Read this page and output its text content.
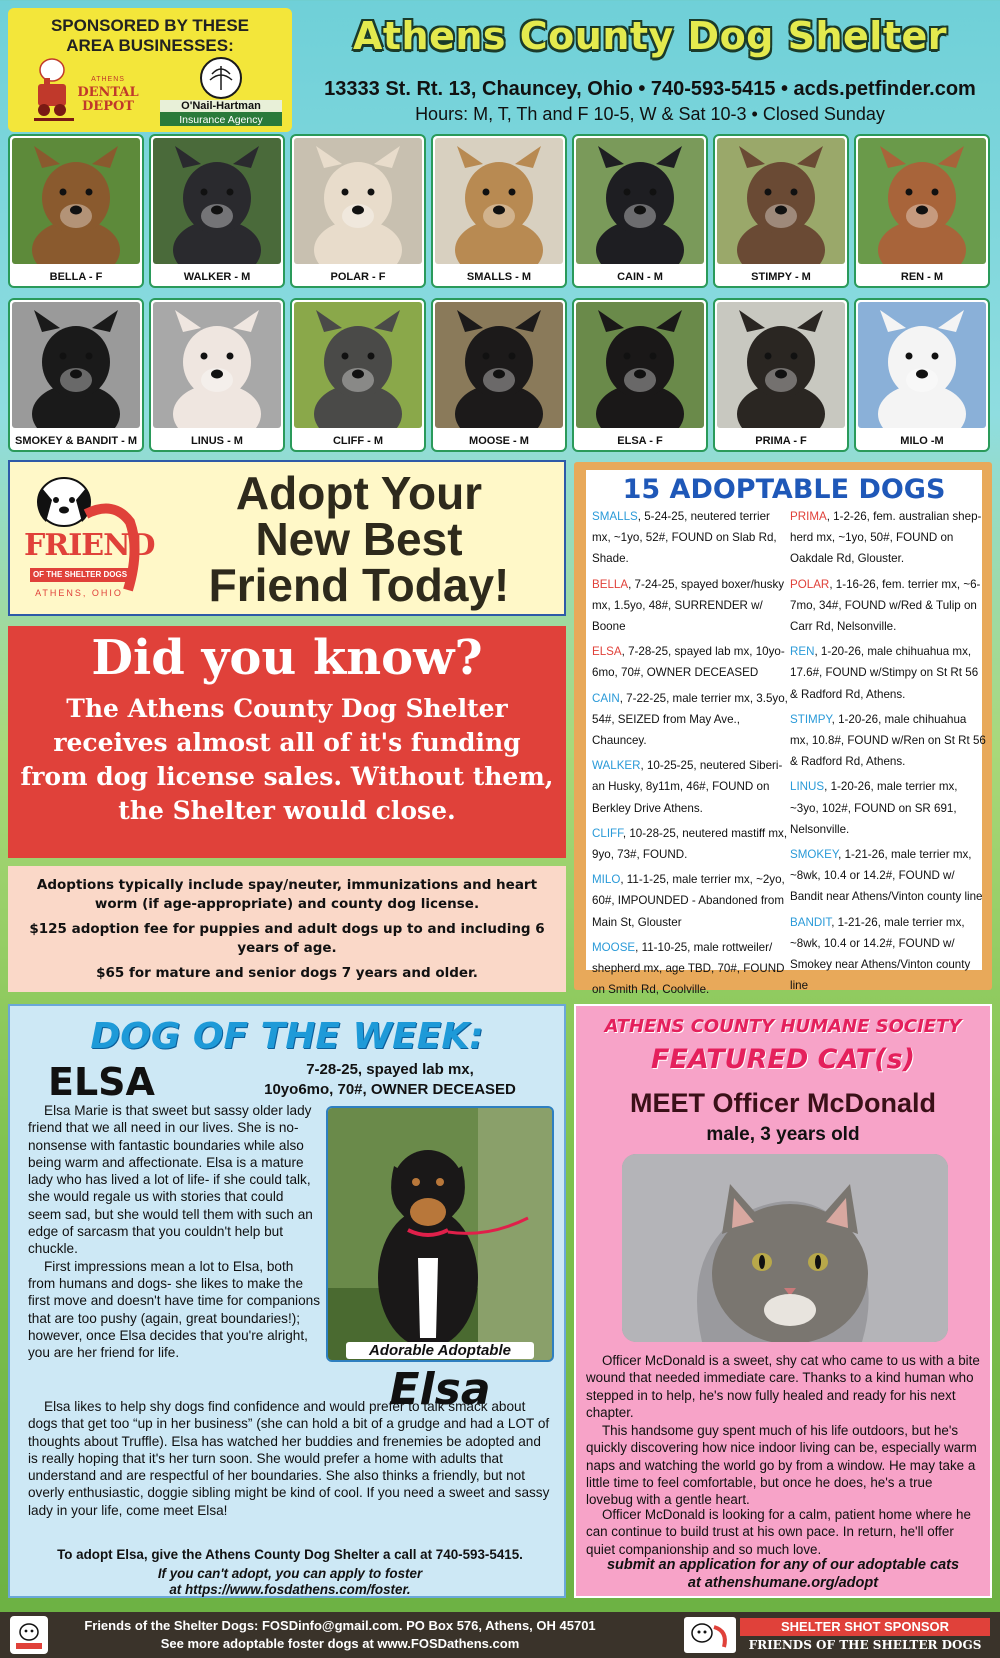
SPONSORED BY THESE
AREA BUSINESSES:
ATHENS
DENTAL DEPOT	O'Nail-Hartman
Insurance Agency
Athens County Dog Shelter
13333 St. Rt. 13, Chauncey, Ohio • 740-593-5415 • acds.petfinder.com
Hours: M, T, Th and F 10-5, W & Sat 10-3 • Closed Sunday
BELLA - F	WALKER - M	POLAR - F	SMALLS - M	CAIN - M	STIMPY - M	REN - M
SMOKEY & BANDIT - M	LINUS - M	CLIFF - M	MOOSE - M	ELSA - F	PRIMA - F	MILO -M
FRIEND
OF THE SHELTER DOGS
ATHENS, OHIO
Adopt Your
New Best
Friend Today!
Did you know?
The Athens County Dog Shelter receives almost all of it's funding from dog license sales. Without them, the Shelter would close.
Adoptions typically include spay/neuter, immunizations and heart worm (if age-appropriate) and county dog license.
$125 adoption fee for puppies and adult dogs up to and including 6 years of age.
$65 for mature and senior dogs 7 years and older.
15 ADOPTABLE DOGS

SMALLS, 5-24-25, neutered terrier mx, ~1yo, 52#, FOUND on Slab Rd, Shade.

BELLA, 7-24-25, spayed boxer/husky mx, 1.5yo, 48#, SURRENDER w/ Boone

ELSA, 7-28-25, spayed lab mx, 10yo-6mo, 70#, OWNER DECEASED

CAIN, 7-22-25, male terrier mx, 3.5yo, 54#, SEIZED from May Ave., Chauncey.

WALKER, 10-25-25, neutered Siberi-an Husky, 8y11m, 46#, FOUND on Berkley Drive Athens.

CLIFF, 10-28-25, neutered mastiff mx, 9yo, 73#, FOUND.

MILO, 11-1-25, male terrier mx, ~2yo, 60#, IMPOUNDED - Abandoned from Main St, Glouster

MOOSE, 11-10-25, male rottweiler/ shepherd mx, age TBD, 70#, FOUND on Smith Rd, Coolville.

PRIMA, 1-2-26, fem. australian shep-herd mx, ~1yo, 50#, FOUND on Oakdale Rd, Glouster.

POLAR, 1-16-26, fem. terrier mx, ~6-7mo, 34#, FOUND w/Red & Tulip on Carr Rd, Nelsonville.

REN, 1-20-26, male chihuahua mx, 17.6#, FOUND w/Stimpy on St Rt 56 & Radford Rd, Athens.

STIMPY, 1-20-26, male chihuahua mx, 10.8#, FOUND w/Ren on St Rt 56 & Radford Rd, Athens.

LINUS, 1-20-26, male terrier mx, ~3yo, 102#, FOUND on SR 691, Nelsonville.

SMOKEY, 1-21-26, male terrier mx, ~8wk, 10.4 or 14.2#, FOUND w/ Bandit near Athens/Vinton county line

BANDIT, 1-21-26, male terrier mx, ~8wk, 10.4 or 14.2#, FOUND w/ Smokey near Athens/Vinton county line

DOG OF THE WEEK:
ELSA	7-28-25, spayed lab mx,
10yo6mo, 70#, OWNER DECEASED
Adorable Adoptable
Elsa
Elsa Marie is that sweet but sassy older lady friend that we all need in our lives. She is no-nonsense with fantastic boundaries while also being warm and affectionate. Elsa is a mature lady who has lived a lot of life- if she could talk, she would regale us with stories that could seem sad, but she would tell them with such an edge of sarcasm that you couldn't help but chuckle.
First impressions mean a lot to Elsa, both from humans and dogs- she likes to make the first move and doesn't have time for companions that are too pushy (again, great boundaries!); however, once Elsa decides that you're alright, you are her friend for life.
Elsa likes to help shy dogs find confidence and would prefer to talk smack about dogs that get too “up in her business” (she can hold a bit of a grudge and had a LOT of thoughts about Truffle). Elsa has watched her buddies and frenemies be adopted and is really hoping that it's her turn soon. She would prefer a home with adults that understand and are respectful of her boundaries. She also thinks a friendly, but not overly enthusiastic, doggie sibling might be kind of cool. If you need a sweet and sassy lady in your life, come meet Elsa!
To adopt Elsa, give the Athens County Dog Shelter a call at 740-593-5415.
If you can't adopt, you can apply to foster
at https://www.fosdathens.com/foster.
ATHENS COUNTY HUMANE SOCIETY
FEATURED CAT(s)
MEET Officer McDonald
male, 3 years old
Officer McDonald is a sweet, shy cat who came to us with a bite wound that needed immediate care. Thanks to a kind human who stepped in to help, he's now fully healed and ready for his next chapter.
This handsome guy spent much of his life outdoors, but he's quickly discovering how nice indoor living can be, especially warm naps and watching the world go by from a window. He may take a little time to feel comfortable, but once he does, he's a true lovebug with a gentle heart.
Officer McDonald is looking for a calm, patient home where he can continue to build trust at his own pace. In return, he'll offer quiet companionship and so much love.
submit an application for any of our adoptable cats
at athenshumane.org/adopt
Friends of the Shelter Dogs: FOSDinfo@gmail.com. PO Box 576, Athens, OH 45701
See more adoptable foster dogs at www.FOSDathens.com
SHELTER SHOT SPONSOR
FRIENDS OF THE SHELTER DOGS
